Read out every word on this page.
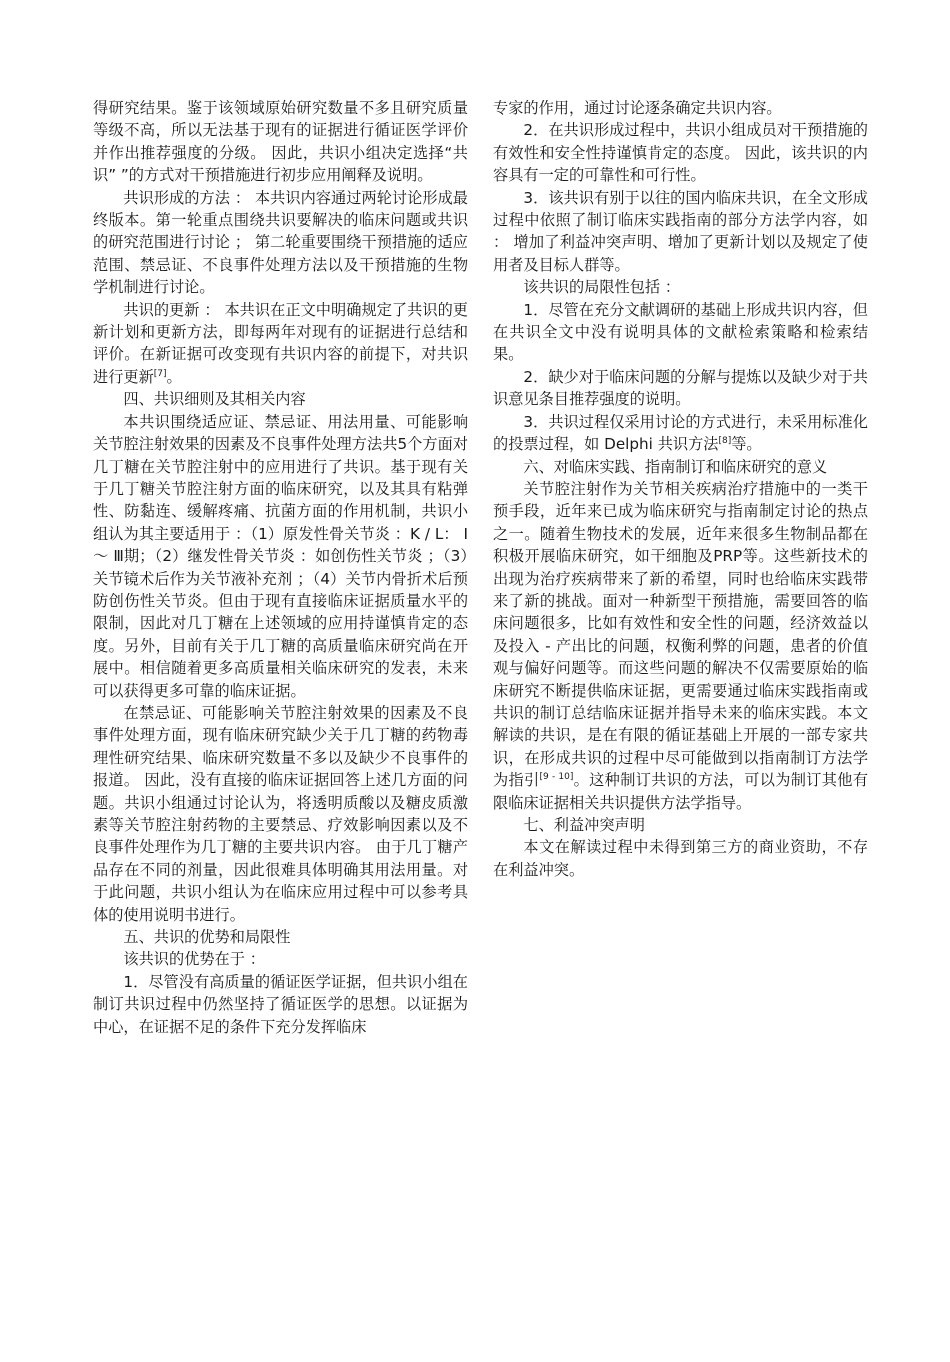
得研究结果。鉴于该领域原始研究数量不多且研究质量等级不高，所以无法基于现有的证据进行循证医学评价并作出推荐强度的分级。 因此，共识小组决定选择“共识” ”的方式对干预措施进行初步应用阐释及说明。

共识形成的方法 ： 本共识内容通过两轮讨论形成最终版本。第一轮重点围绕共识要解决的临床问题或共识的研究范围进行讨论 ； 第二轮重要围绕干预措施的适应范围、禁忌证、不良事件处理方法以及干预措施的生物学机制进行讨论。

共识的更新 ： 本共识在正文中明确规定了共识的更新计划和更新方法，即每两年对现有的证据进行总结和评价。在新证据可改变现有共识内容的前提下，对共识进行更新[7]。

四、共识细则及其相关内容

本共识围绕适应证、禁忌证、用法用量、可能影响关节腔注射效果的因素及不良事件处理方法共5个方面对几丁糖在关节腔注射中的应用进行了共识。基于现有关于几丁糖关节腔注射方面的临床研究，以及其具有粘弹性、防黏连、缓解疼痛、抗菌方面的作用机制，共识小组认为其主要适用于 ：（1）原发性骨关节炎 ：K / L： Ⅰ ～ Ⅲ期；（2）继发性骨关节炎 ：如创伤性关节炎 ；（3）关节镜术后作为关节液补充剂 ；（4）关节内骨折术后预防创伤性关节炎。但由于现有直接临床证据质量水平的限制，因此对几丁糖在上述领域的应用持谨慎肯定的态度。另外，目前有关于几丁糖的高质量临床研究尚在开展中。相信随着更多高质量相关临床研究的发表，未来可以获得更多可靠的临床证据。

在禁忌证、可能影响关节腔注射效果的因素及不良事件处理方面，现有临床研究缺少关于几丁糖的药物毒理性研究结果、临床研究数量不多以及缺少不良事件的报道。 因此，没有直接的临床证据回答上述几方面的问题。共识小组通过讨论认为，将透明质酸以及糖皮质激素等关节腔注射药物的主要禁忌、疗效影响因素以及不良事件处理作为几丁糖的主要共识内容。 由于几丁糖产品存在不同的剂量，因此很难具体明确其用法用量。对于此问题，共识小组认为在临床应用过程中可以参考具体的使用说明书进行。

五、共识的优势和局限性

该共识的优势在于 ：

1．尽管没有高质量的循证医学证据，但共识小组在制订共识过程中仍然坚持了循证医学的思想。以证据为中心，在证据不足的条件下充分发挥临床

专家的作用，通过讨论逐条确定共识内容。

2．在共识形成过程中，共识小组成员对干预措施的有效性和安全性持谨慎肯定的态度。 因此，该共识的内容具有一定的可靠性和可行性。

3．该共识有别于以往的国内临床共识，在全文形成过程中依照了制订临床实践指南的部分方法学内容，如 ： 增加了利益冲突声明、增加了更新计划以及规定了使用者及目标人群等。

该共识的局限性包括 ：

1．尽管在充分文献调研的基础上形成共识内容，但在共识全文中没有说明具体的文献检索策略和检索结果。

2．缺少对于临床问题的分解与提炼以及缺少对于共识意见条目推荐强度的说明。

3．共识过程仅采用讨论的方式进行，未采用标准化的投票过程，如 Delphi 共识方法[8]等。

六、对临床实践、指南制订和临床研究的意义

关节腔注射作为关节相关疾病治疗措施中的一类干预手段，近年来已成为临床研究与指南制定讨论的热点之一。随着生物技术的发展，近年来很多生物制品都在积极开展临床研究，如干细胞及PRP等。这些新技术的出现为治疗疾病带来了新的希望，同时也给临床实践带来了新的挑战。面对一种新型干预措施，需要回答的临床问题很多，比如有效性和安全性的问题，经济效益以及投入 - 产出比的问题，权衡利弊的问题，患者的价值观与偏好问题等。而这些问题的解决不仅需要原始的临床研究不断提供临床证据，更需要通过临床实践指南或共识的制订总结临床证据并指导未来的临床实践。本文解读的共识，是在有限的循证基础上开展的一部专家共识，在形成共识的过程中尽可能做到以指南制订方法学为指引[9 - 10]。这种制订共识的方法，可以为制订其他有限临床证据相关共识提供方法学指导。

七、利益冲突声明

本文在解读过程中未得到第三方的商业资助，不存在利益冲突。
